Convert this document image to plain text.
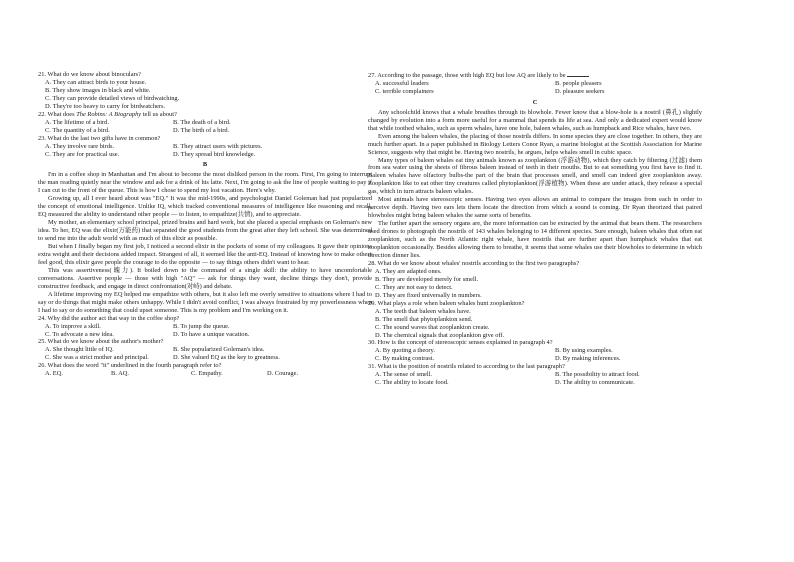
21. What do we know about binoculars?
A. They can attract birds to your house.
B. They show images in black and white.
C. They can provide detailed views of birdwatching.
D. They're too heavy to carry for birdwatchers.
22. What does The Robins: A Biography tell us about?
A. The lifetime of a bird.	B. The death of a bird.
C. The quantity of a bird.	D. The birth of a bird.
23. What do the last two gifts have in common?
A. They involve rare birds.	B. They attract users with pictures.
C. They are for practical use.	D. They spread bird knowledge.
B

I'm in a coffee shop in Manhattan and I'm about to become the most disliked person in the room. First, I'm going to interrupt the man reading quietly near the window and ask for a drink of his latte. Next, I'm going to ask the line of people waiting to pay if I can cut to the front of the queue. This is how I chose to spend my lost vacation. Here's why.

Growing up, all I ever heard about was "EQ." It was the mid-1990s, and psychologist Daniel Goleman had just popularized the concept of emotional intelligence. Unlike IQ, which tracked conventional measures of intelligence like reasoning and recall, EQ measured the ability to understand other people — to listen, to empathize(共情), and to appreciate.

My mother, an elementary school principal, prized brains and hard work, but she placed a special emphasis on Goleman's new idea. To her, EQ was the elixir(万能药) that separated the good students from the great after they left school. She was determined to send me into the adult world with as much of this elixir as possible.

But when I finally began my first job, I noticed a second elixir in the pockets of some of my colleagues. It gave their opinions extra weight and their decisions added impact. Strangest of all, it seemed like the anti-EQ. Instead of knowing how to make others feel good, this elixir gave people the courage to do the opposite — to say things others didn't want to hear.

This was assertiveness(魄力). It boiled down to the command of a single skill: the ability to have uncomfortable conversations. Assertive people — those with high "AQ" — ask for things they want, decline things they don't, provide constructive feedback, and engage in direct confrontation(对峙) and debate.

A lifetime improving my EQ helped me empathize with others, but it also left me overly sensitive to situations where I had to say or do things that might make others unhappy. While I didn't avoid conflict, I was always frustrated by my powerlessness when I had to say or do something that could upset someone. This is my problem and I'm working on it.

24. Why did the author act that way in the coffee shop?
A. To improve a skill.	B. To jump the queue.
C. To advocate a new idea.	D. To have a unique vacation.
25. What do we know about the author's mother?
A. She thought little of IQ.	B. She popularized Goleman's idea.
C. She was a strict mother and principal.	D. She valued EQ as the key to greatness.
26. What does the word "it" underlined in the fourth paragraph refer to?
A. EQ.	B. AQ.	C. Empathy.	D. Courage.
27. According to the passage, those with high EQ but low AQ are likely to be
A. successful leaders	B. people pleasers
C. terrible complainers	D. pleasure seekers
C

Any schoolchild knows that a whale breathes through its blowhole. Fewer know that a blow-hole is a nostril (鼻孔) slightly changed by evolution into a form more useful for a mammal that spends its life at sea. And only a dedicated expert would know that while toothed whales, such as sperm whales, have one hole, baleen whales, such as humpback and Rice whales, have two.

Even among the baleen whales, the placing of those nostrils differs. In some species they are close together. In others, they are much further apart. In a paper published in Biology Letters Conor Ryan, a marine biologist at the Scottish Association for Marine Science, suggests why that might be. Having two nostrils, he argues, helps whales smell in cubic space.

Many types of baleen whales eat tiny animals known as zooplankton (浮游动物), which they catch by filtering (过滤) them from sea water using the sheets of fibrous baleen instead of teeth in their mouths. But to eat something you first have to find it. Baleen whales have olfactory bulbs-the part of the brain that processes smell, and smell can indeed give zooplankton away. Zooplankton like to eat other tiny creatures called phytoplankton(浮游植物). When these are under attack, they release a special gas, which in turn attracts baleen whales.

Most animals have stereoscopic senses. Having two eyes allows an animal to compare the images from each in order to perceive depth. Having two ears lets them locate the direction from which a sound is coming. Dr Ryan theorized that paired blowholes might bring baleen whales the same sorts of benefits.

The further apart the sensory organs are, the more information can be extracted by the animal that bears them. The researchers used drones to photograph the nostrils of 143 whales belonging to 14 different species. Sure enough, baleen whales that often eat zooplankton, such as the North Atlantic right whale, have nostrils that are further apart than humpback whales that eat zooplankton occasionally. Besides allowing them to breathe, it seems that some whales use their blowholes to determine in which direction dinner lies.

28. What do we know about whales' nostrils according to the first two paragraphs?
A. They are adapted ones.
B. They are developed merely for smell.
C. They are not easy to detect.
D. They are fixed universally in numbers.
29. What plays a role when baleen whales hunt zooplankton?
A. The teeth that baleen whales have.
B. The smell that phytoplankton send.
C. The sound waves that zooplankton create.
D. The chemical signals that zooplankton give off.
30. How is the concept of stereoscopic senses explained in paragraph 4?
A. By quoting a theory.	B. By using examples.
C. By making contrast.	D. By making inferences.
31. What is the position of nostrils related to according to the last paragraph?
A. The sense of smell.	B. The possibility to attract food.
C. The ability to locate food.	D. The ability to communicate.
